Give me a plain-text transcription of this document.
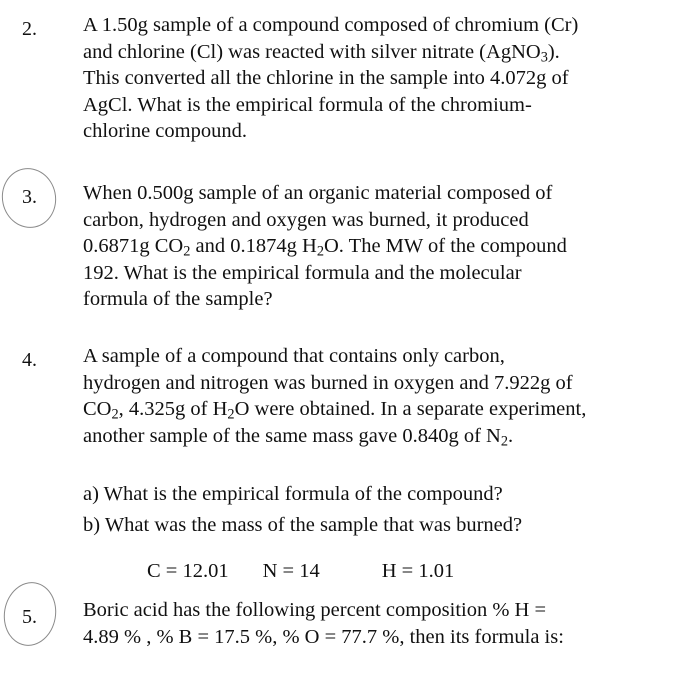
2. A 1.50g sample of a compound composed of chromium (Cr)
and chlorine (Cl) was reacted with silver nitrate (AgNO$_3$).
This converted all the chlorine in the sample into 4.072g of
AgCl. What is the empirical formula of the chromium-
chlorine compound.
3. When 0.500g sample of an organic material composed of
carbon, hydrogen and oxygen was burned, it produced
0.6871g $CO_2$ and 0.1874g $H_2O$. The MW of the compound
192. What is the empirical formula and the molecular
formula of the sample?
4. A sample of a compound that contains only carbon,
hydrogen and nitrogen was burned in oxygen and 7.922g of
$CO_2$, 4.325g of $H_2O$ were obtained. In a separate experiment,
another sample of the same mass gave 0.840g of $N_2$.
a) What is the empirical formula of the compound?
b) What was the mass of the sample that was burned?
C = 12.01 N = 14	H = 1.01
5. Boric acid has the following percent composition % H =
4.89 % , % B = 17.5 %, % O = 77.7 %, then its formula is:
